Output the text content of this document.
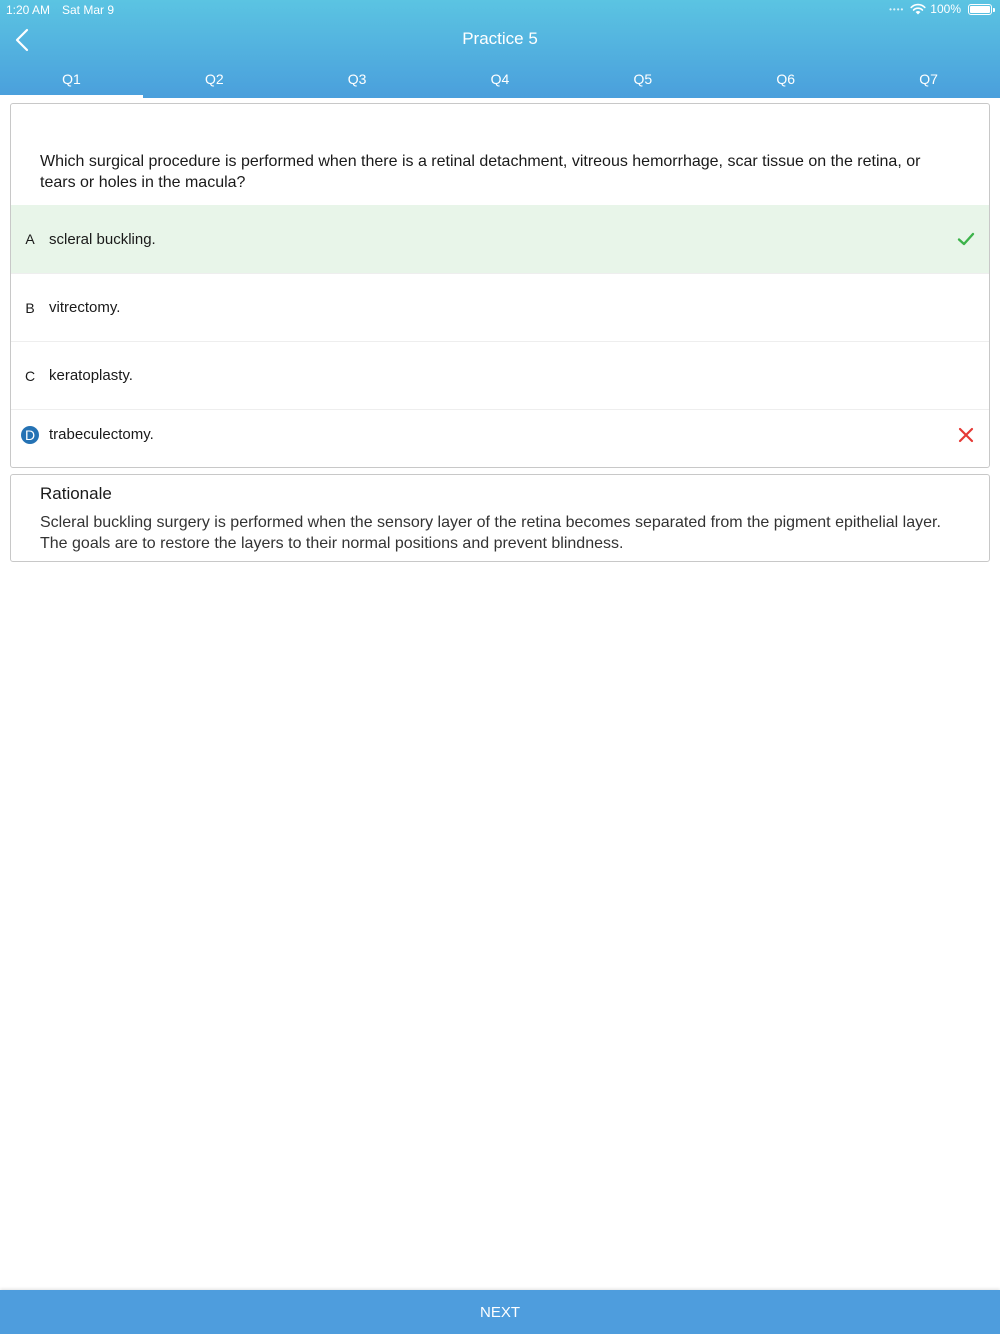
1:20 AM Sat Mar 9	•••• 100%
Practice 5
Q1	Q2	Q3	Q4	Q5	Q6	Q7
Which surgical procedure is performed when there is a retinal detachment, vitreous hemorrhage, scar tissue on the retina, or tears or holes in the macula?
A scleral buckling.
B vitrectomy.
C keratoplasty.
D trabeculectomy.
Rationale
Scleral buckling surgery is performed when the sensory layer of the retina becomes separated from the pigment epithelial layer. The goals are to restore the layers to their normal positions and prevent blindness.
NEXT
